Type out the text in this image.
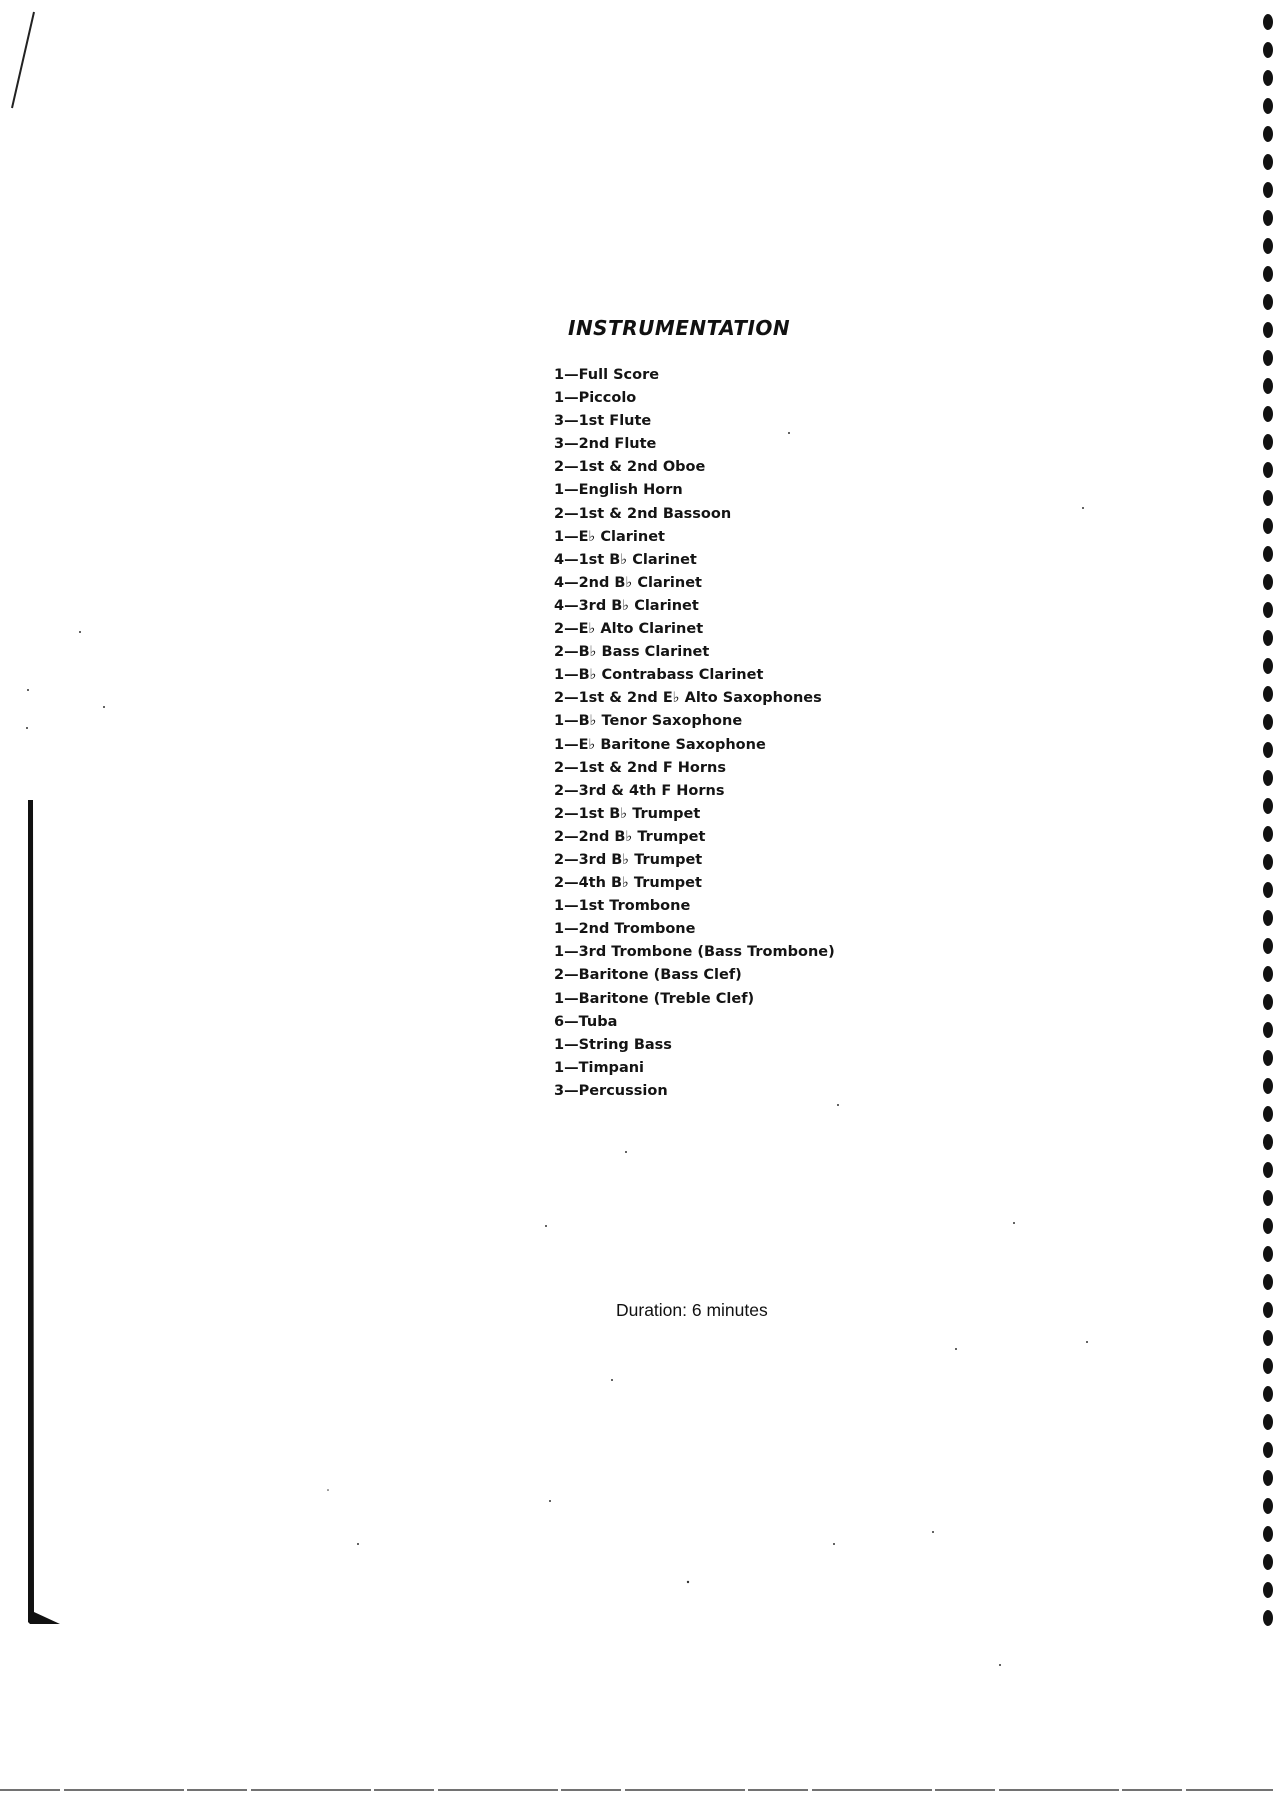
INSTRUMENTATION
1—Full Score
1—Piccolo
3—1st Flute
3—2nd Flute
2—1st & 2nd Oboe
1—English Horn
2—1st & 2nd Bassoon
1—E♭ Clarinet
4—1st B♭ Clarinet
4—2nd B♭ Clarinet
4—3rd B♭ Clarinet
2—E♭ Alto Clarinet
2—B♭ Bass Clarinet
1—B♭ Contrabass Clarinet
2—1st & 2nd E♭ Alto Saxophones
1—B♭ Tenor Saxophone
1—E♭ Baritone Saxophone
2—1st & 2nd F Horns
2—3rd & 4th F Horns
2—1st B♭ Trumpet
2—2nd B♭ Trumpet
2—3rd B♭ Trumpet
2—4th B♭ Trumpet
1—1st Trombone
1—2nd Trombone
1—3rd Trombone (Bass Trombone)
2—Baritone (Bass Clef)
1—Baritone (Treble Clef)
6—Tuba
1—String Bass
1—Timpani
3—Percussion
Duration: 6 minutes
